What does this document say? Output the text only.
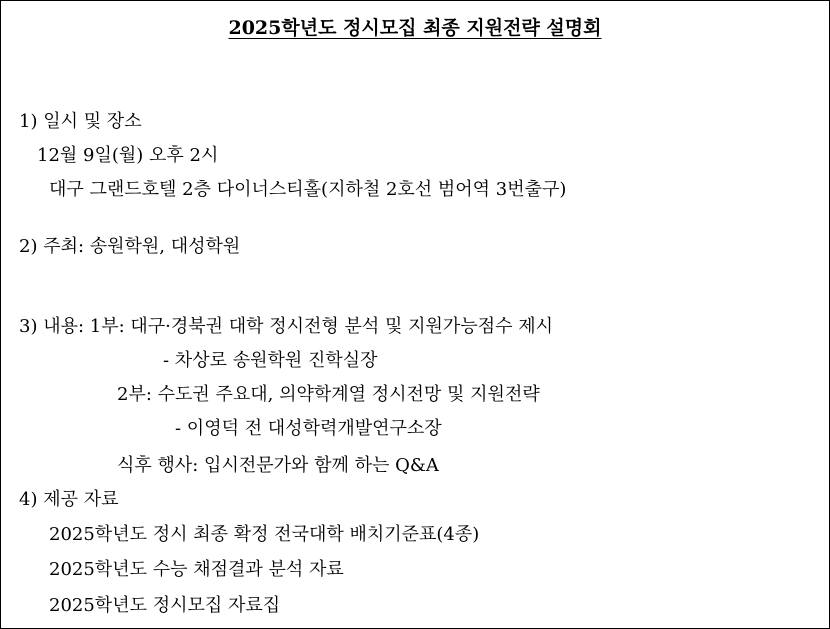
2025학년도 정시모집 최종 지원전략 설명회
1) 일시 및 장소
12월 9일(월) 오후 2시
대구 그랜드호텔 2층 다이너스티홀(지하철 2호선 범어역 3번출구)
2) 주최: 송원학원, 대성학원
3) 내용: 1부: 대구·경북권 대학 정시전형 분석 및 지원가능점수 제시
- 차상로 송원학원 진학실장
2부: 수도권 주요대, 의약학계열 정시전망 및 지원전략
- 이영덕 전 대성학력개발연구소장
식후 행사: 입시전문가와 함께 하는 Q&A
4) 제공 자료
2025학년도 정시 최종 확정 전국대학 배치기준표(4종)
2025학년도 수능 채점결과 분석 자료
2025학년도 정시모집 자료집
